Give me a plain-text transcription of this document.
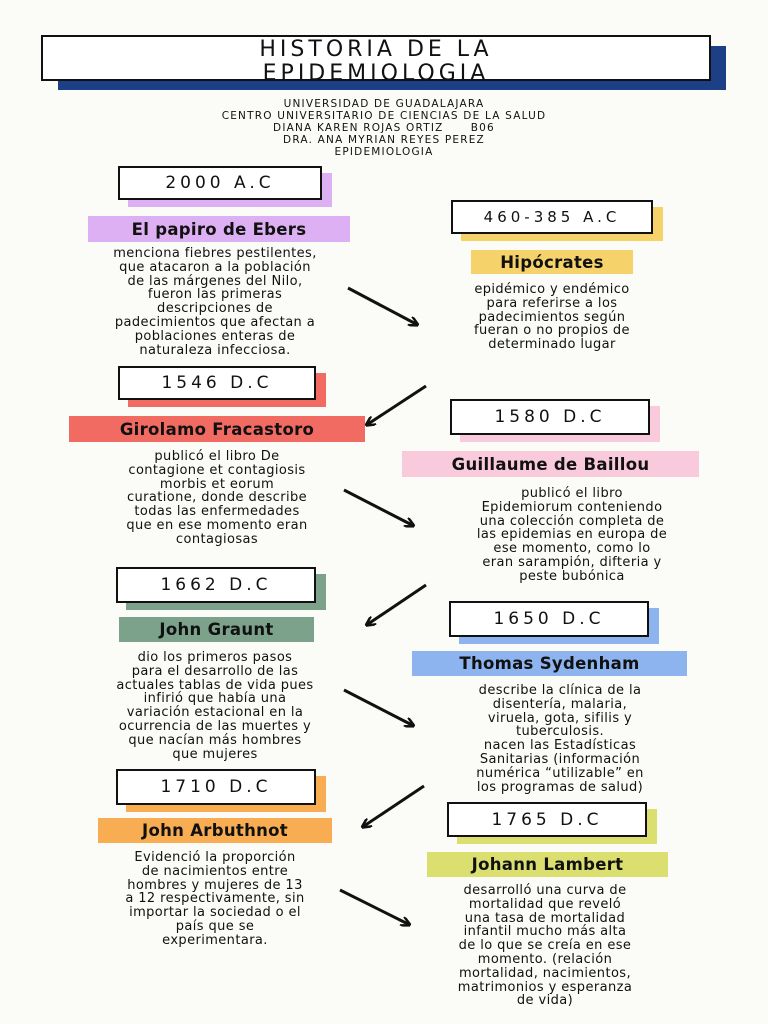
HISTORIA DE LA
EPIDEMIOLOGIA
UNIVERSIDAD DE GUADALAJARA
CENTRO UNIVERSITARIO DE CIENCIAS DE LA SALUD
DIANA KAREN ROJAS ORTIZ      B06
DRA. ANA MYRIAN REYES PEREZ
EPIDEMIOLOGIA
2000 A.C
El papiro de Ebers
menciona fiebres pestilentes,
que atacaron a la población
de las márgenes del Nilo,
fueron las primeras
descripciones de
padecimientos que afectan a
poblaciones enteras de
naturaleza infecciosa.
460-385 A.C
Hipócrates
epidémico y endémico
para referirse a los
padecimientos según
fueran o no propios de
determinado lugar
1546 D.C
Girolamo Fracastoro
publicó el libro De
contagione et contagiosis
morbis et eorum
curatione, donde describe
todas las enfermedades
que en ese momento eran
contagiosas
1580 D.C
Guillaume de Baillou
publicó el libro
Epidemiorum conteniendo
una colección completa de
las epidemias en europa de
ese momento, como lo
eran sarampión, difteria y
peste bubónica
1662 D.C
John Graunt
dio los primeros pasos
para el desarrollo de las
actuales tablas de vida pues
infirió que había una
variación estacional en la
ocurrencia de las muertes y
que nacían más hombres
que mujeres
1650 D.C
Thomas Sydenham
describe la clínica de la
disentería, malaria,
viruela, gota, sifilis y
tuberculosis.
nacen las Estadísticas
Sanitarias (información
numérica “utilizable” en
los programas de salud)
1710 D.C
John Arbuthnot
Evidenció la proporción
de nacimientos entre
hombres y mujeres de 13
a 12 respectivamente, sin
importar la sociedad o el
país que se
experimentara.
1765 D.C
Johann Lambert
desarrolló una curva de
mortalidad que reveló
una tasa de mortalidad
infantil mucho más alta
de lo que se creía en ese
momento. (relación
mortalidad, nacimientos,
matrimonios y esperanza
de vida)
